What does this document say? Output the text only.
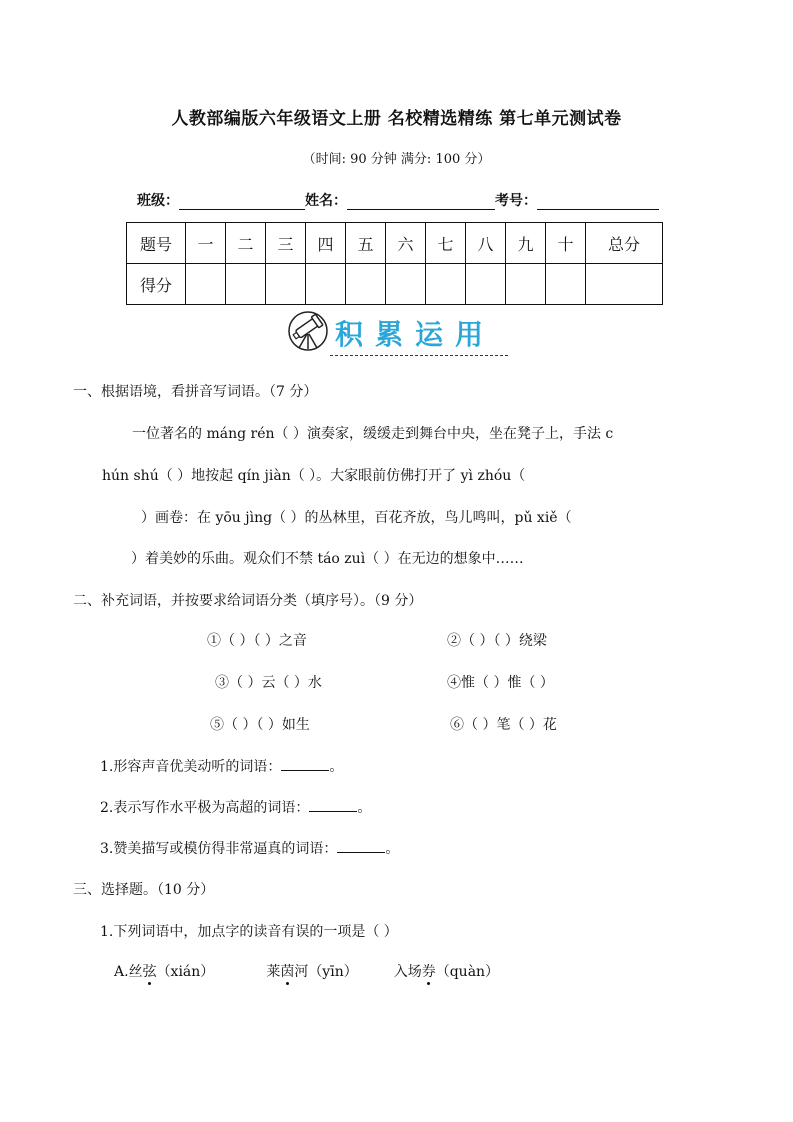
人教部编版六年级语文上册 名校精选精练 第七单元测试卷
（时间: 90 分钟 满分: 100 分）
班级：	姓名：	考号：
题号	一	二	三	四	五	六	七	八	九	十	总分
得分											
积累运用
一、根据语境，看拼音写词语。（7 分）
一位著名的 máng rén（ ）演奏家，缓缓走到舞台中央，坐在凳子上，手法 c
hún shú（ ）地按起 qín jiàn（ ）。大家眼前仿佛打开了 yì zhóu（
）画卷：在 yōu jìng（ ）的丛林里，百花齐放，鸟儿鸣叫，pǔ xiě（
）着美妙的乐曲。观众们不禁 táo zuì（ ）在无边的想象中……
二、补充词语，并按要求给词语分类（填序号）。（9 分）
①（ ）（ ）之音	②（ ）（ ）绕梁
③（ ）云（ ）水	④惟（ ）惟（ ）
⑤（ ）（ ）如生	⑥（ ）笔（ ）花
1.形容声音优美动听的词语：	。
2.表示写作水平极为高超的词语：	。
3.赞美描写或模仿得非常逼真的词语：	。
三、选择题。（10 分）
1.下列词语中，加点字的读音有误的一项是（ ）
A.丝弦（xián）	莱茵河（yīn）	入场券（quàn）
